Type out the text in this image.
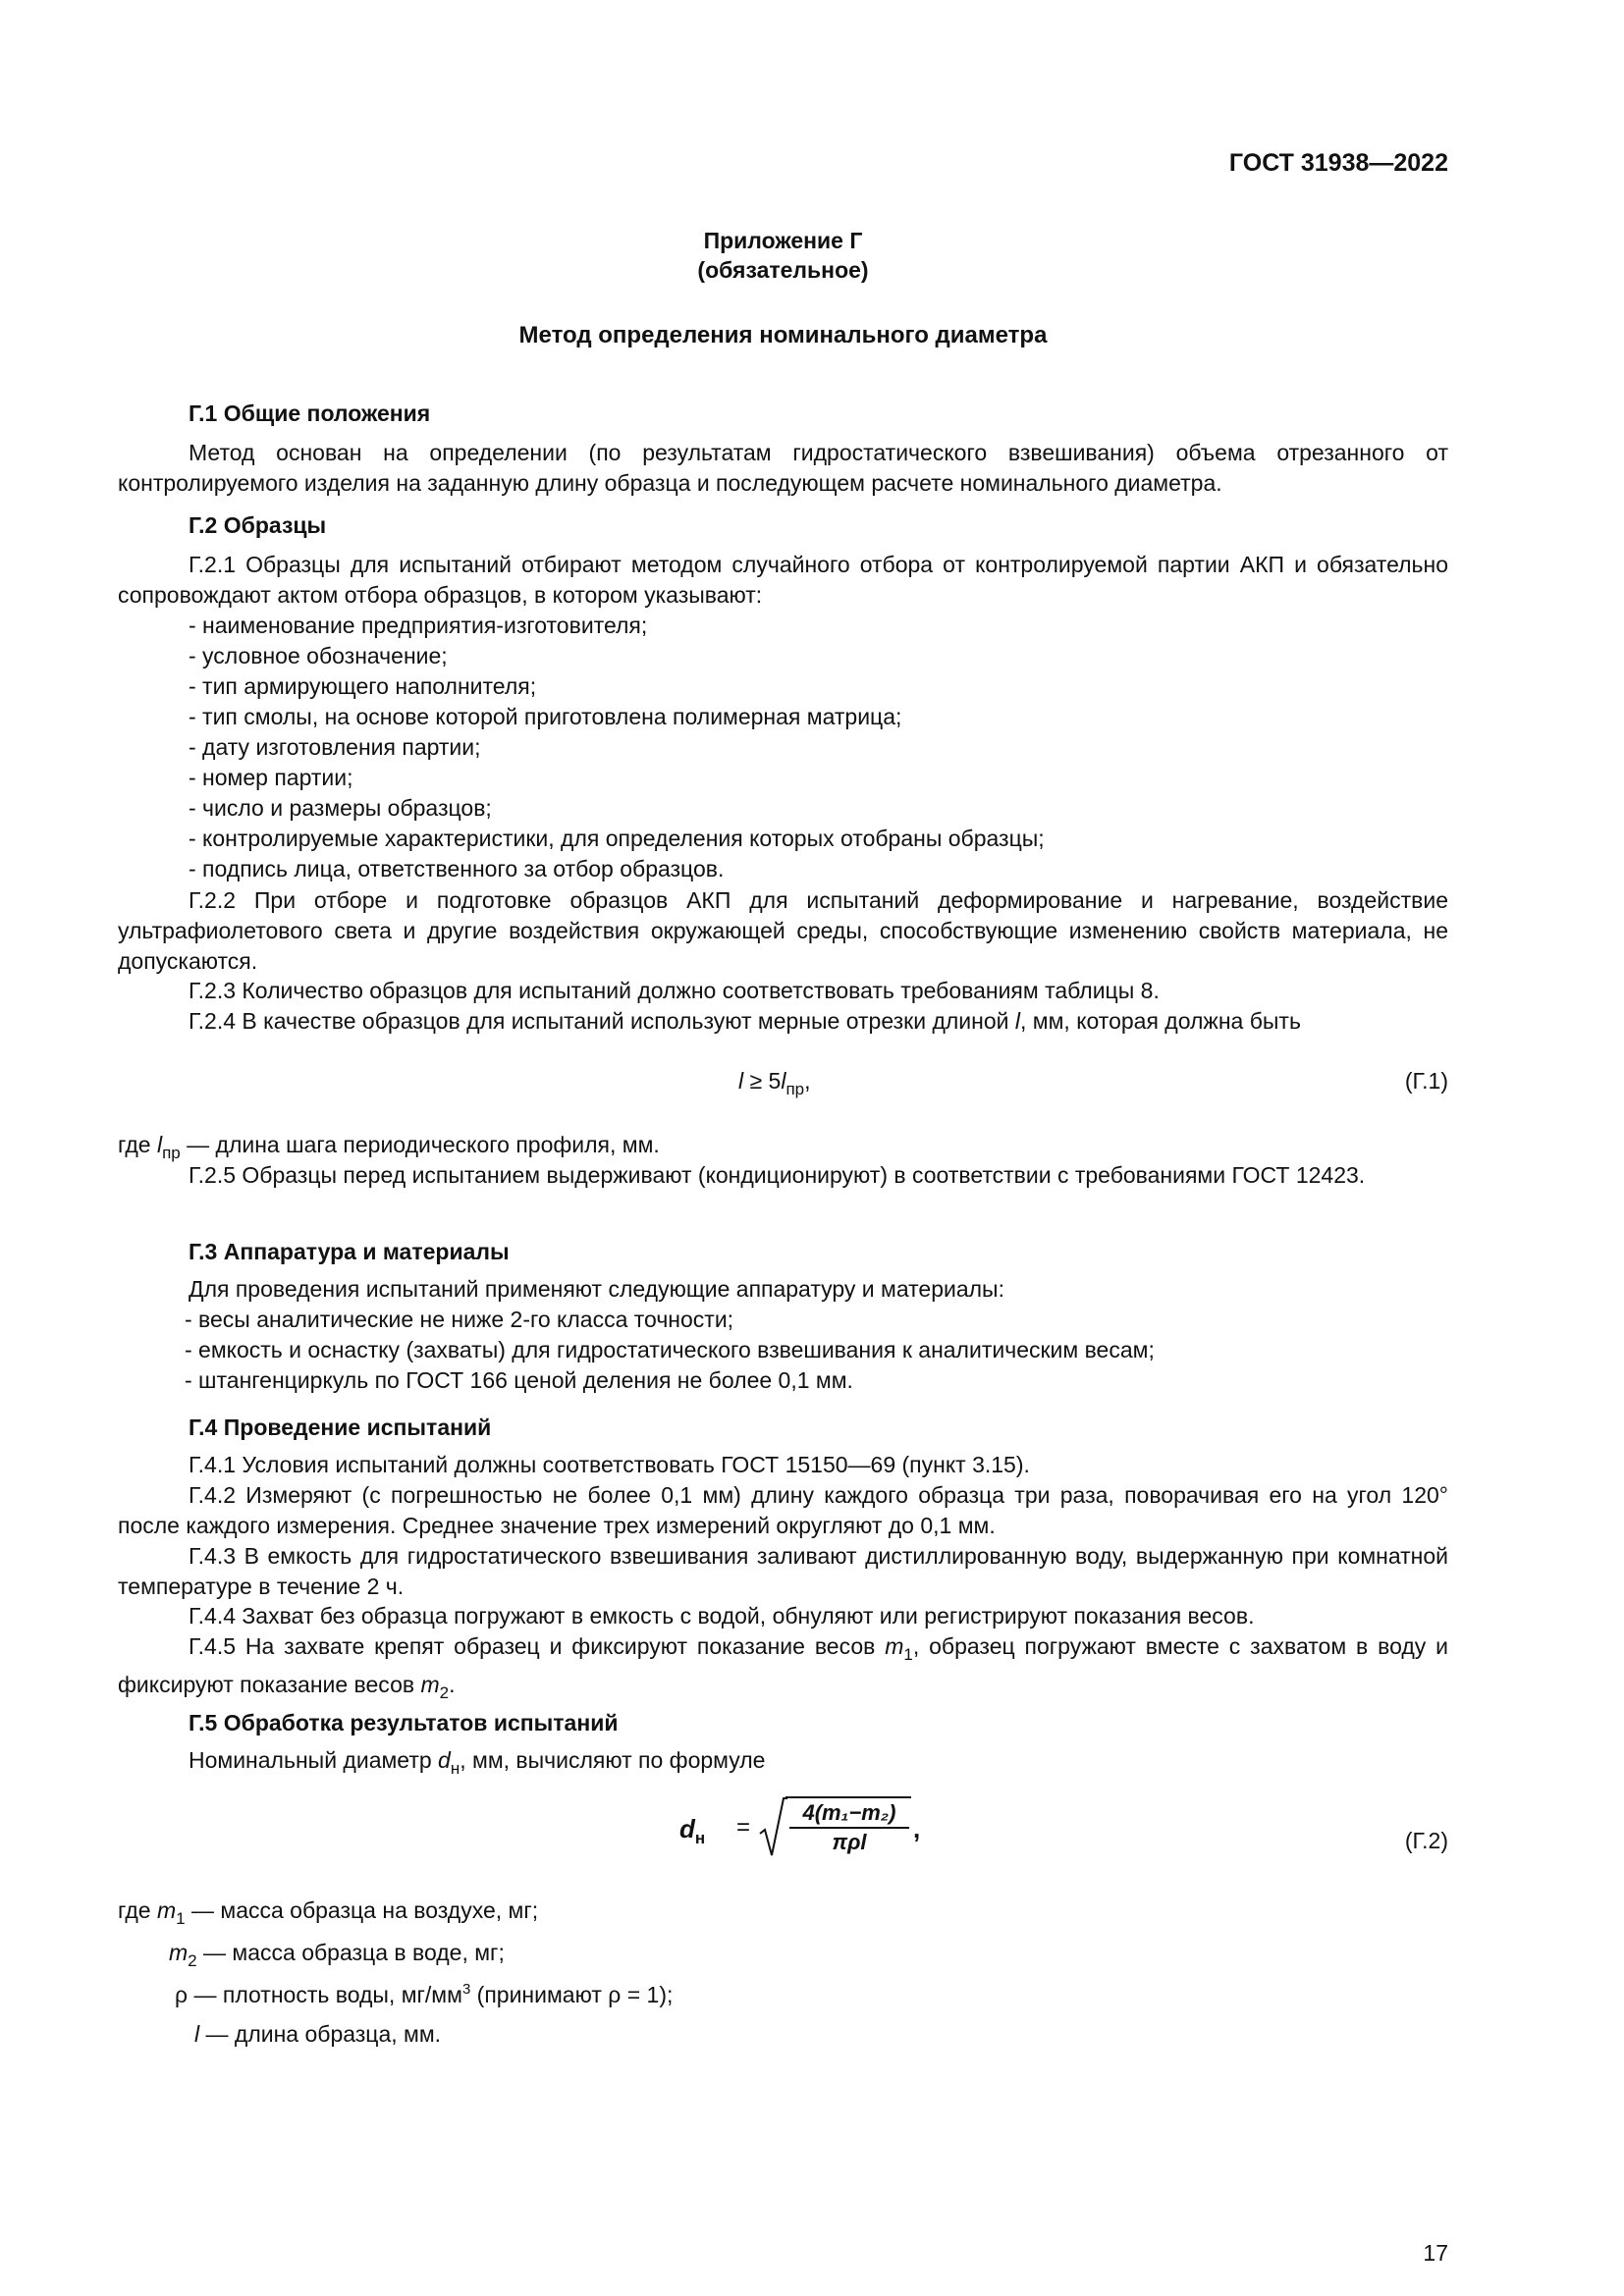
ГОСТ 31938—2022
Приложение Г
(обязательное)
Метод определения номинального диаметра
Г.1 Общие положения
Метод основан на определении (по результатам гидростатического взвешивания) объема отрезанного от контролируемого изделия на заданную длину образца и последующем расчете номинального диаметра.
Г.2 Образцы
Г.2.1 Образцы для испытаний отбирают методом случайного отбора от контролируемой партии АКП и обязательно сопровождают актом отбора образцов, в котором указывают:
- наименование предприятия-изготовителя;
- условное обозначение;
- тип армирующего наполнителя;
- тип смолы, на основе которой приготовлена полимерная матрица;
- дату изготовления партии;
- номер партии;
- число и размеры образцов;
- контролируемые характеристики, для определения которых отобраны образцы;
- подпись лица, ответственного за отбор образцов.
Г.2.2 При отборе и подготовке образцов АКП для испытаний деформирование и нагревание, воздействие ультрафиолетового света и другие воздействия окружающей среды, способствующие изменению свойств материала, не допускаются.
Г.2.3 Количество образцов для испытаний должно соответствовать требованиям таблицы 8.
Г.2.4 В качестве образцов для испытаний используют мерные отрезки длиной l, мм, которая должна быть
$l \ge 5l_{пр}$,	(Г.1)
где $l_{пр}$ — длина шага периодического профиля, мм.
Г.2.5 Образцы перед испытанием выдерживают (кондиционируют) в соответствии с требованиями ГОСТ 12423.
Г.3 Аппаратура и материалы
Для проведения испытаний применяют следующие аппаратуру и материалы:
- весы аналитические не ниже 2-го класса точности;
- емкость и оснастку (захваты) для гидростатического взвешивания к аналитическим весам;
- штангенциркуль по ГОСТ 166 ценой деления не более 0,1 мм.
Г.4 Проведение испытаний
Г.4.1 Условия испытаний должны соответствовать ГОСТ 15150—69 (пункт 3.15).
Г.4.2 Измеряют (с погрешностью не более 0,1 мм) длину каждого образца три раза, поворачивая его на угол 120° после каждого измерения. Среднее значение трех измерений округляют до 0,1 мм.
Г.4.3 В емкость для гидростатического взвешивания заливают дистиллированную воду, выдержанную при комнатной температуре в течение 2 ч.
Г.4.4 Захват без образца погружают в емкость с водой, обнуляют или регистрируют показания весов.
Г.4.5 На захвате крепят образец и фиксируют показание весов $m_1$, образец погружают вместе с захватом в воду и фиксируют показание весов $m_2$.
Г.5 Обработка результатов испытаний
Номинальный диаметр $d_н$, мм, вычисляют по формуле
$d_н$ =
4(m₁−m₂)
πρl	,	(Г.2)
где $m_1$ — масса образца на воздухе, мг;
$m_2$ — масса образца в воде, мг;
ρ — плотность воды, $мг/мм^3$ (принимают ρ = 1);
l — длина образца, мм.
17
